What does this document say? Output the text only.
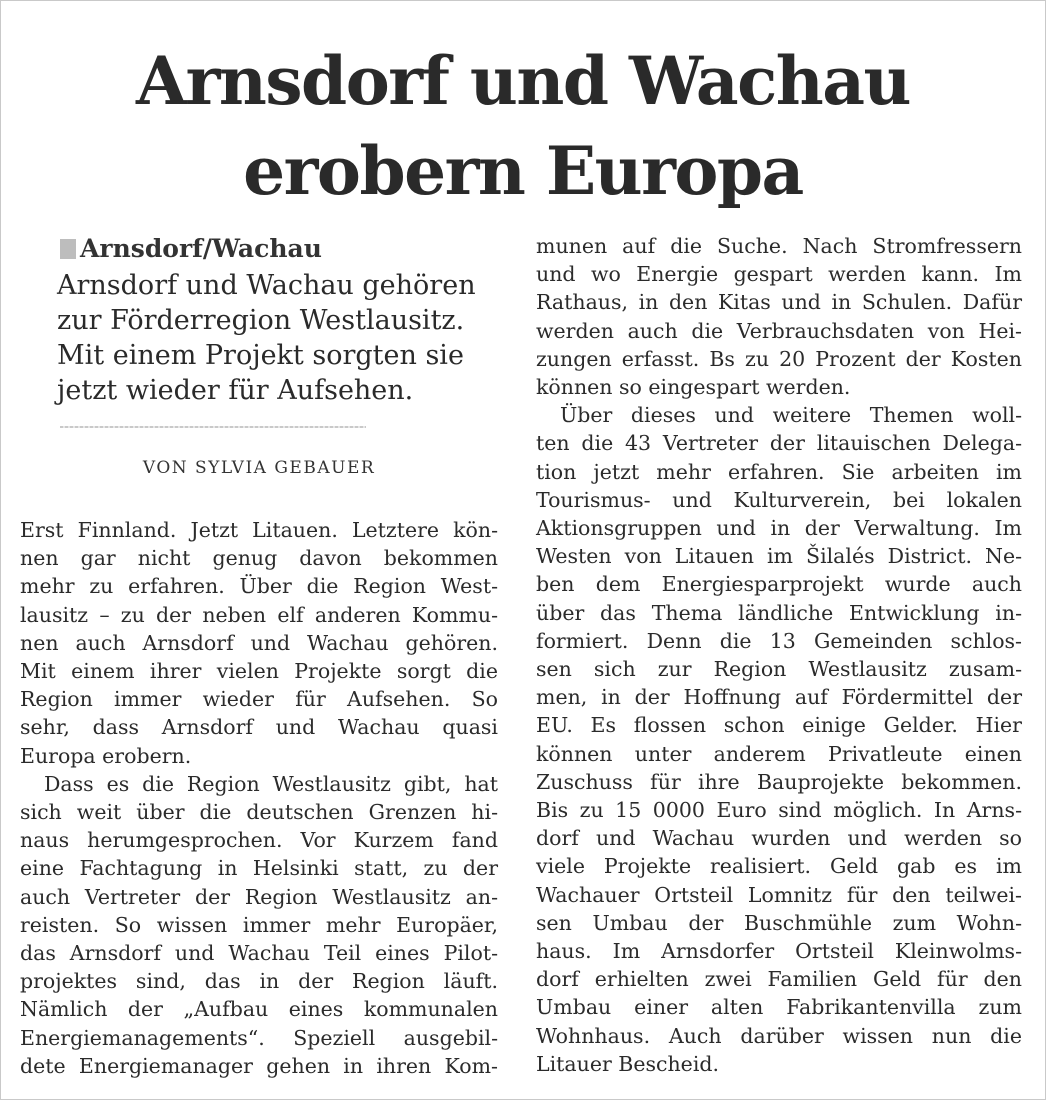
Arnsdorf und Wachau
erobern Europa
Arnsdorf/Wachau
Arnsdorf und Wachau gehören
zur Förderregion Westlausitz.
Mit einem Projekt sorgten sie
jetzt wieder für Aufsehen.
VON SYLVIA GEBAUER
Erst Finnland. Jetzt Litauen. Letztere kön-
nen gar nicht genug davon bekommen
mehr zu erfahren. Über die Region West-
lausitz – zu der neben elf anderen Kommu-
nen auch Arnsdorf und Wachau gehören.
Mit einem ihrer vielen Projekte sorgt die
Region immer wieder für Aufsehen. So
sehr, dass Arnsdorf und Wachau quasi
Europa erobern.
Dass es die Region Westlausitz gibt, hat
sich weit über die deutschen Grenzen hi-
naus herumgesprochen. Vor Kurzem fand
eine Fachtagung in Helsinki statt, zu der
auch Vertreter der Region Westlausitz an-
reisten. So wissen immer mehr Europäer,
das Arnsdorf und Wachau Teil eines Pilot-
projektes sind, das in der Region läuft.
Nämlich der „Aufbau eines kommunalen
Energiemanagements“. Speziell ausgebil-
dete Energiemanager gehen in ihren Kom-
munen auf die Suche. Nach Stromfressern
und wo Energie gespart werden kann. Im
Rathaus, in den Kitas und in Schulen. Dafür
werden auch die Verbrauchsdaten von Hei-
zungen erfasst. Bs zu 20 Prozent der Kosten
können so eingespart werden.
Über dieses und weitere Themen woll-
ten die 43 Vertreter der litauischen Delega-
tion jetzt mehr erfahren. Sie arbeiten im
Tourismus- und Kulturverein, bei lokalen
Aktionsgruppen und in der Verwaltung. Im
Westen von Litauen im Šilalés District. Ne-
ben dem Energiesparprojekt wurde auch
über das Thema ländliche Entwicklung in-
formiert. Denn die 13 Gemeinden schlos-
sen sich zur Region Westlausitz zusam-
men, in der Hoffnung auf Fördermittel der
EU. Es flossen schon einige Gelder. Hier
können unter anderem Privatleute einen
Zuschuss für ihre Bauprojekte bekommen.
Bis zu 15 0000 Euro sind möglich. In Arns-
dorf und Wachau wurden und werden so
viele Projekte realisiert. Geld gab es im
Wachauer Ortsteil Lomnitz für den teilwei-
sen Umbau der Buschmühle zum Wohn-
haus. Im Arnsdorfer Ortsteil Kleinwolms-
dorf erhielten zwei Familien Geld für den
Umbau einer alten Fabrikantenvilla zum
Wohnhaus. Auch darüber wissen nun die
Litauer Bescheid.
